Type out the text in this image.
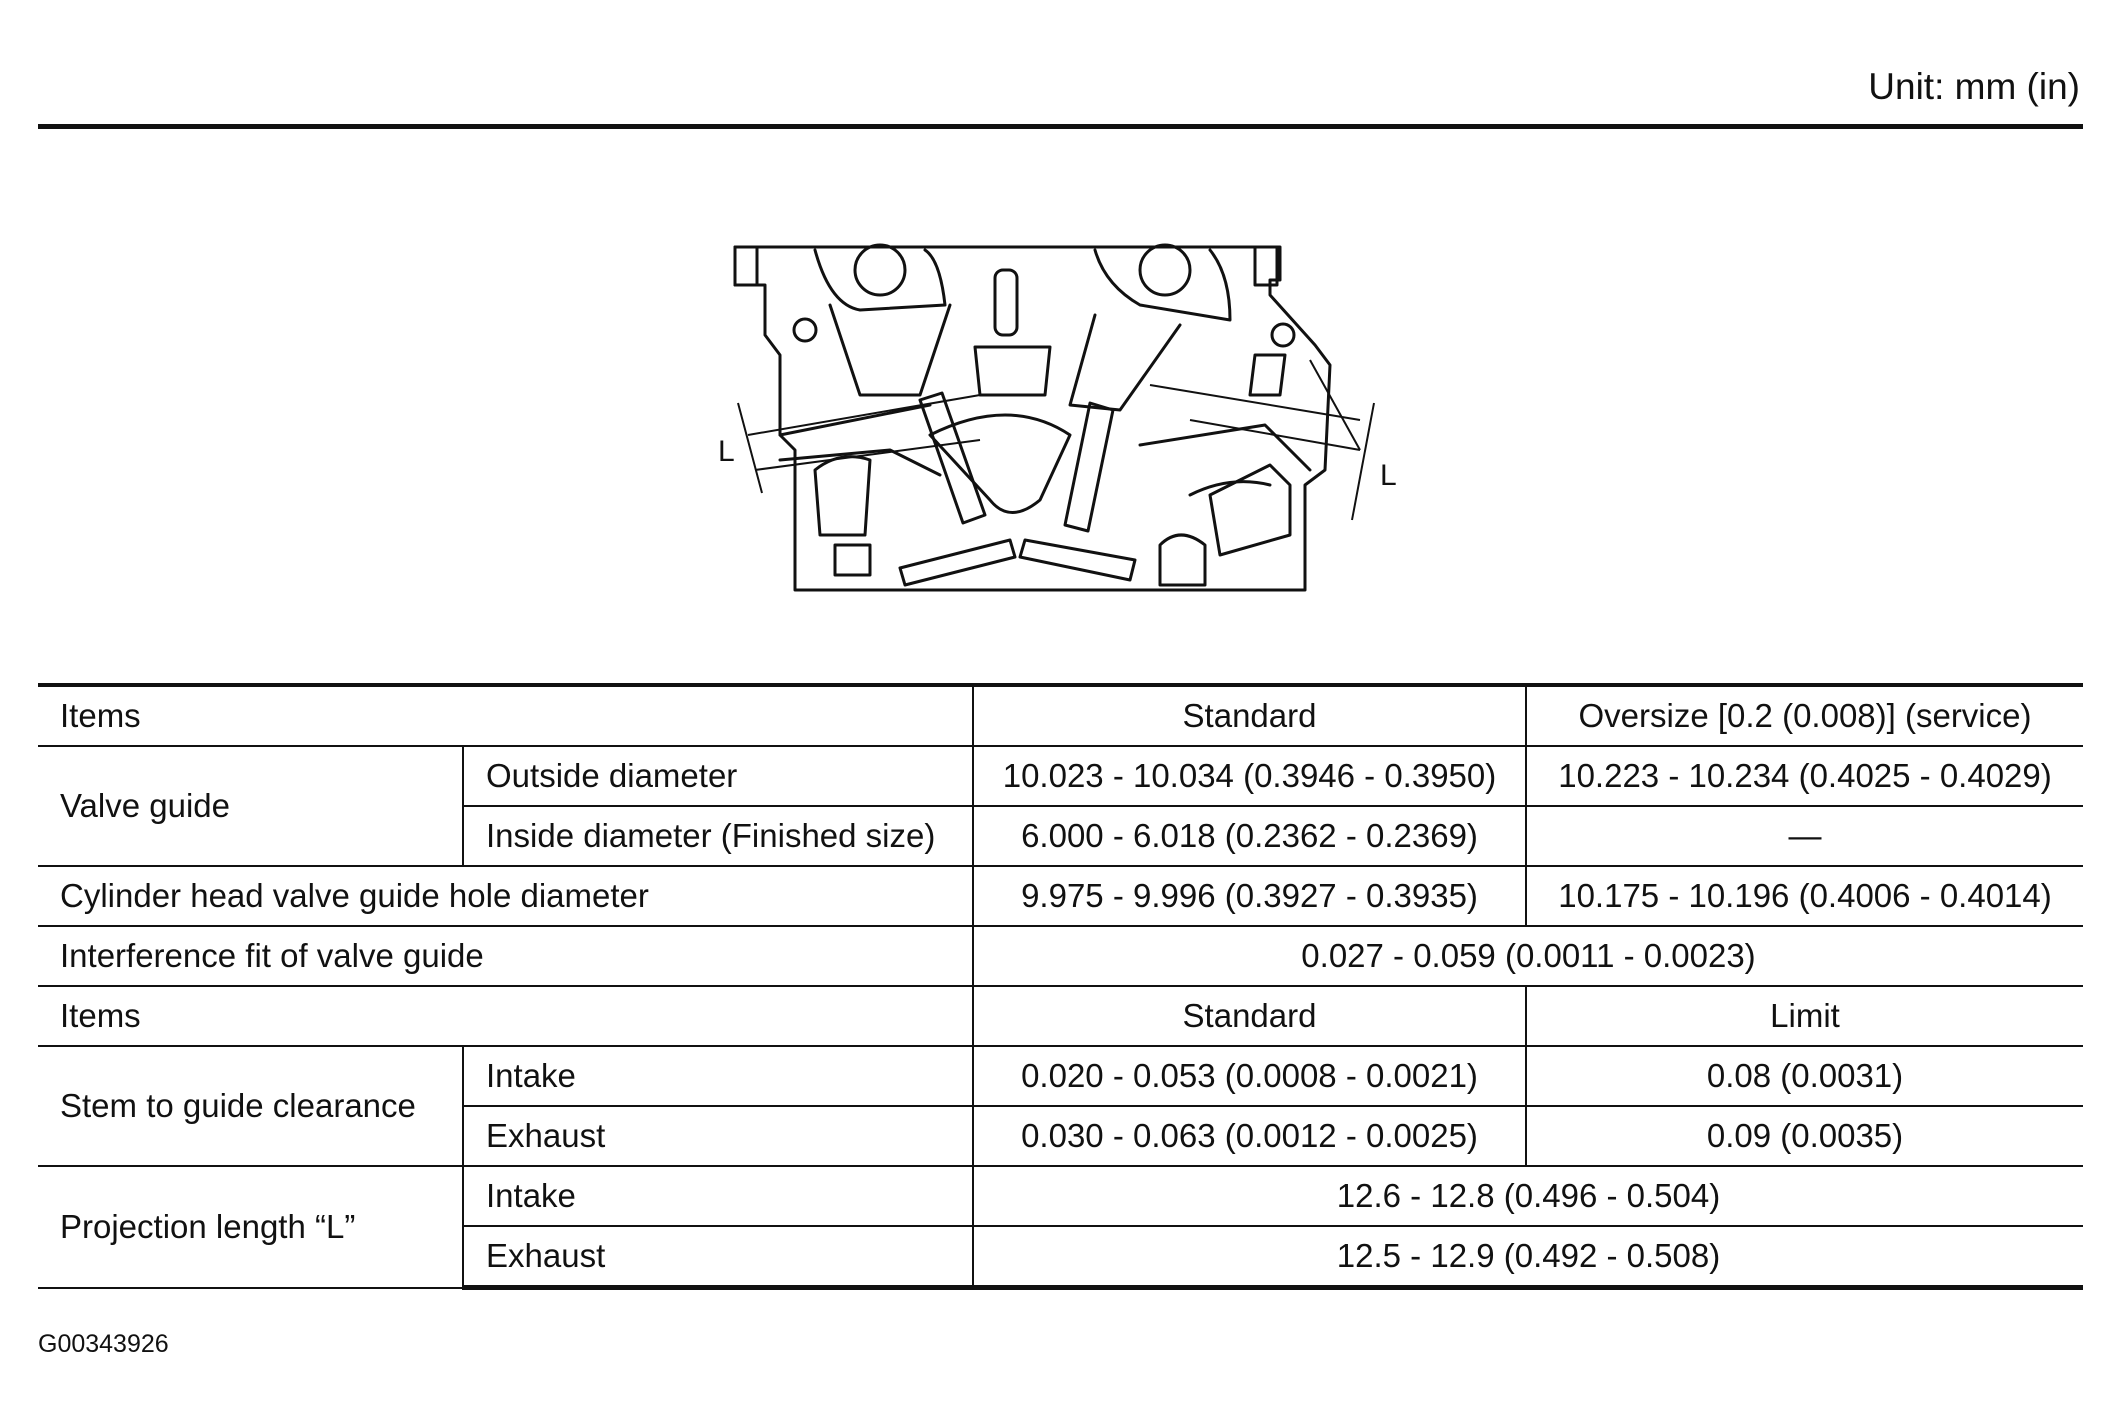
Unit: mm (in)
L
L
Items		Standard	Oversize [0.2 (0.008)] (service)
Valve guide	Outside diameter	10.023 - 10.034 (0.3946 - 0.3950)	10.223 - 10.234 (0.4025 - 0.4029)
	Inside diameter (Finished size)	6.000 - 6.018 (0.2362 - 0.2369)	—
Cylinder head valve guide hole diameter		9.975 - 9.996 (0.3927 - 0.3935)	10.175 - 10.196 (0.4006 - 0.4014)
Interference fit of valve guide		0.027 - 0.059 (0.0011 - 0.0023)	
Items		Standard	Limit
Stem to guide clearance	Intake	0.020 - 0.053 (0.0008 - 0.0021)	0.08 (0.0031)
	Exhaust	0.030 - 0.063 (0.0012 - 0.0025)	0.09 (0.0035)
Projection length “L”	Intake	12.6 - 12.8 (0.496 - 0.504)	
	Exhaust	12.5 - 12.9 (0.492 - 0.508)	
G00343926
